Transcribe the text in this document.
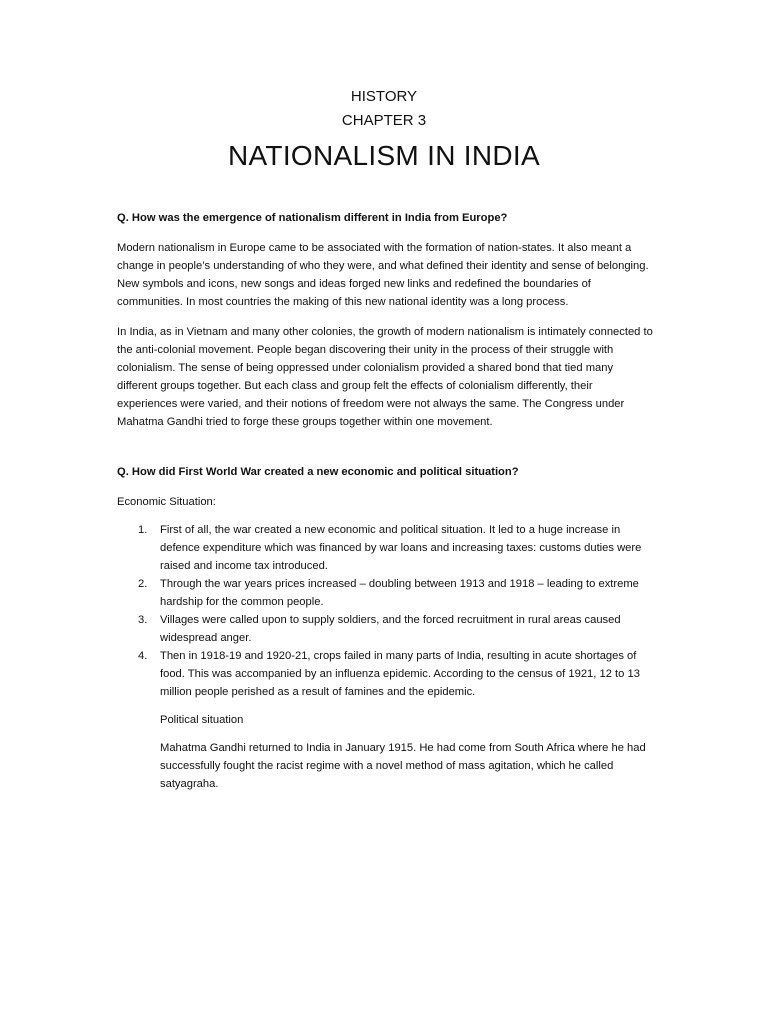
HISTORY
CHAPTER 3
NATIONALISM IN INDIA

Q. How was the emergence of nationalism different in India from Europe?

Modern nationalism in Europe came to be associated with the formation of nation-states. It also meant a change in people’s understanding of who they were, and what defined their identity and sense of belonging. New symbols and icons, new songs and ideas forged new links and redefined the boundaries of communities. In most countries the making of this new national identity was a long process.

In India, as in Vietnam and many other colonies, the growth of modern nationalism is intimately connected to the anti-colonial movement. People began discovering their unity in the process of their struggle with colonialism. The sense of being oppressed under colonialism provided a shared bond that tied many different groups together. But each class and group felt the effects of colonialism differently, their experiences were varied, and their notions of freedom were not always the same. The Congress under Mahatma Gandhi tried to forge these groups together within one movement.

Q. How did First World War created a new economic and political situation?

Economic Situation:

1. First of all, the war created a new economic and political situation. It led to a huge increase in defence expenditure which was financed by war loans and increasing taxes: customs duties were raised and income tax introduced.
2. Through the war years prices increased – doubling between 1913 and 1918 – leading to extreme hardship for the common people.
3. Villages were called upon to supply soldiers, and the forced recruitment in rural areas caused widespread anger.
4. Then in 1918-19 and 1920-21, crops failed in many parts of India, resulting in acute shortages of food. This was accompanied by an influenza epidemic. According to the census of 1921, 12 to 13 million people perished as a result of famines and the epidemic.

Political situation

Mahatma Gandhi returned to India in January 1915. He had come from South Africa where he had successfully fought the racist regime with a novel method of mass agitation, which he called satyagraha.
